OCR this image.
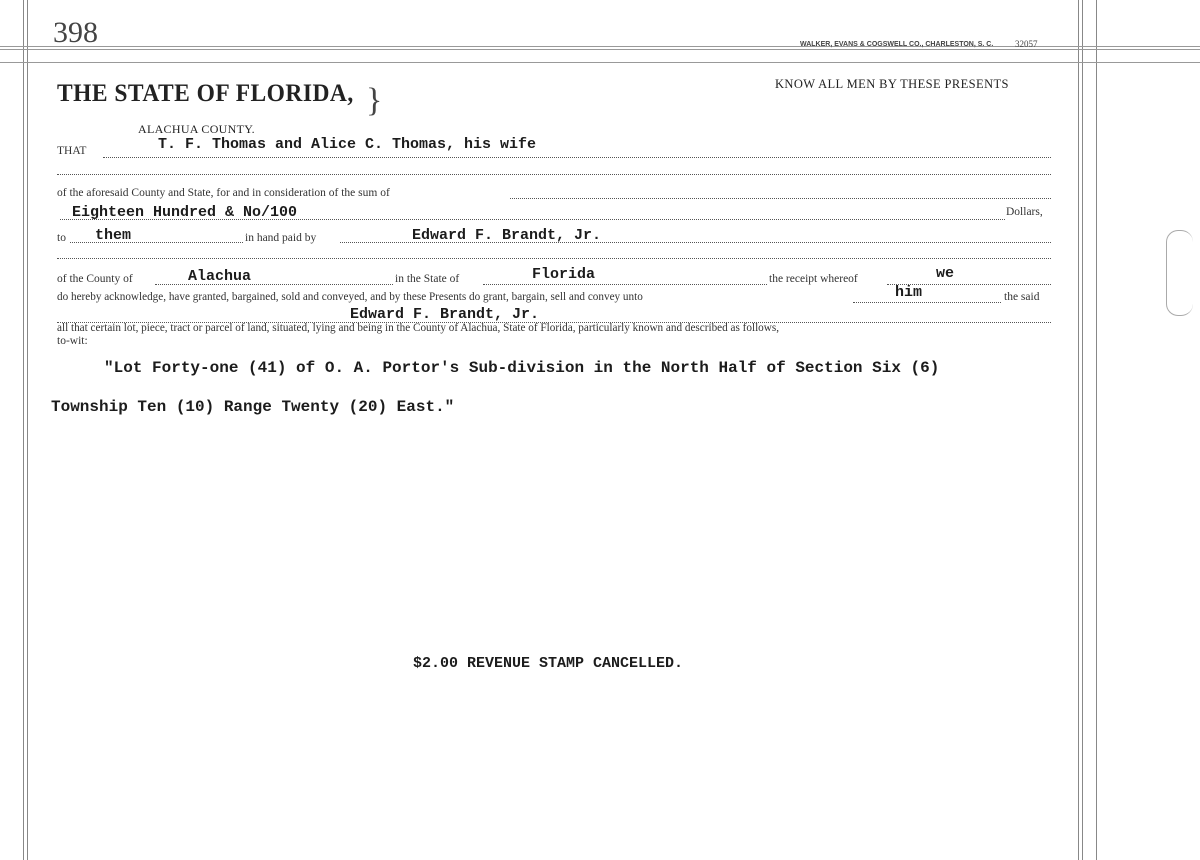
398	WALKER, EVANS & COGSWELL CO., CHARLESTON, S. C. 32057
THE STATE OF FLORIDA, }
ALACHUA COUNTY.
KNOW ALL MEN BY THESE PRESENTS
THAT	T. F. Thomas and Alice C. Thomas, his wife
of the aforesaid County and State, for and in consideration of the sum of
Eighteen Hundred & No/100	Dollars,
to them	in hand paid by	Edward F. Brandt, Jr.
of the County of	Alachua	in the State of	Florida	the receipt whereof	we
do hereby acknowledge, have granted, bargained, sold and conveyed, and by these Presents do grant, bargain, sell and convey unto	him	the said
Edward F. Brandt, Jr.
all that certain lot, piece, tract or parcel of land, situated, lying and being in the County of Alachua, State of Florida, particularly known and described as follows,
to-wit:
"Lot Forty-one (41) of O. A. Portor's Sub-division in the North Half of Section Six (6)
Township Ten (10) Range Twenty (20) East."
$2.00 REVENUE STAMP CANCELLED.
